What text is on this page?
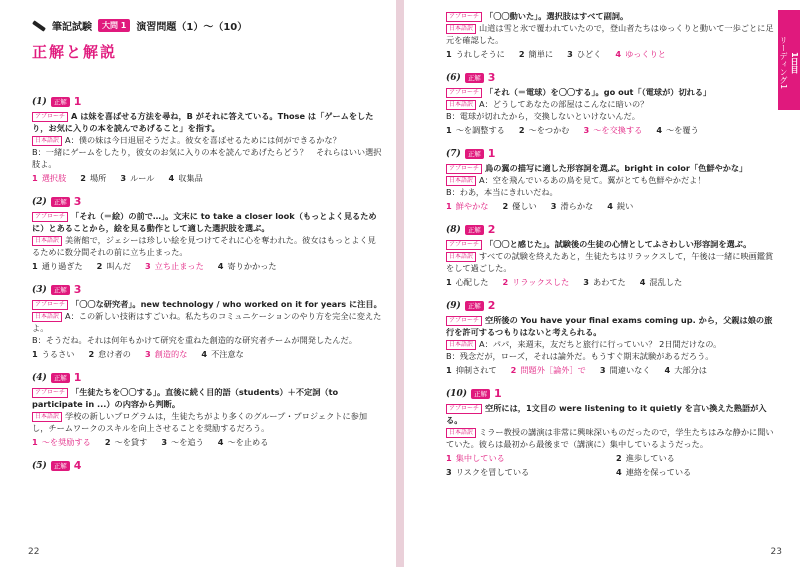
筆記試験	大問 1	演習問題（1）～（10）
正解と解説
(1)	正解 1

アプローチ A は妹を喜ばせる方法を尋ね，B がそれに答えている。Those は「ゲームをしたり，お気に入りの本を読んであげること」を指す。

日本語訳 A：僕の妹は今日退屈そうだよ。彼女を喜ばせるためには何ができるかな？

B：一緒にゲームをしたり，彼女のお気に入りの本を読んであげたらどう？　それらはいい選択肢よ。

1 選択肢 2 場所 3 ルール 4 収集品
(2)	正解 3

アプローチ 「それ（＝絵）の前で…」。文末に to take a closer look（もっとよく見るために）とあることから，絵を見る動作として適した選択肢を選ぶ。

日本語訳 美術館で，ジェシーは珍しい絵を見つけてそれに心を奪われた。彼女はもっとよく見るために数分間それの前に立ち止まった。

1 通り過ぎた 2 叫んだ 3 立ち止まった 4 寄りかかった
(3)	正解 3

アプローチ 「〇〇な研究者」。new technology / who worked on it for years に注目。

日本語訳 A：この新しい技術はすごいね。私たちのコミュニケーションのやり方を完全に変えたよ。

B：そうだね。それは何年もかけて研究を重ねた創造的な研究者チームが開発したんだ。

1 うるさい 2 怠け者の 3 創造的な 4 不注意な
(4)	正解 1

アプローチ 「生徒たちを〇〇する」。直後に続く目的語（students）＋不定詞（to participate in ...）の内容から判断。

日本語訳 学校の新しいプログラムは，生徒たちがより多くのグループ・プロジェクトに参加し，チームワークのスキルを向上させることを奨励するだろう。

1 ～を奨励する 2 ～を貸す 3 ～を追う 4 ～を止める
(5)	正解 4
22

アプローチ 「〇〇動いた」。選択肢はすべて副詞。

日本語訳 山道は雪と氷で覆われていたので，登山者たちはゆっくりと動いて一歩ごとに足元を確認した。

1 うれしそうに 2 簡単に 3 ひどく 4 ゆっくりと
(6)	正解 3

アプローチ 「それ（＝電球）を〇〇する」。go out「（電球が）切れる」

日本語訳 A：どうしてあなたの部屋はこんなに暗いの？

B：電球が切れたから，交換しないといけないんだ。

1 ～を調整する 2 ～をつかむ 3 ～を交換する 4 ～を覆う
(7)	正解 1

アプローチ 鳥の翼の描写に適した形容詞を選ぶ。bright in color「色鮮やかな」

日本語訳 A：空を飛んでいるあの鳥を見て。翼がとても色鮮やかだよ！

B：わあ，本当にきれいだね。

1 鮮やかな 2 優しい 3 滑らかな 4 鋭い
(8)	正解 2

アプローチ 「〇〇と感じた」。試験後の生徒の心情としてふさわしい形容詞を選ぶ。

日本語訳 すべての試験を終えたあと，生徒たちはリラックスして，午後は一緒に映画鑑賞をして過ごした。

1 心配した 2 リラックスした 3 あわてた 4 混乱した
(9)	正解 2

アプローチ 空所後の You have your final exams coming up. から，父親は娘の旅行を許可するつもりはないと考えられる。

日本語訳 A：パパ，来週末，友だちと旅行に行っていい？ 2日間だけなの。

B：残念だが，ローズ，それは論外だ。もうすぐ期末試験があるだろう。

1 抑制されて 2 問題外［論外］で 3 間違いなく 4 大部分は
(10)	正解 1

アプローチ 空所には，1文目の were listening to it quietly を言い換えた熟語が入る。

日本語訳 ミラー教授の講演は非常に興味深いものだったので，学生たちはみな静かに聞いていた。彼らは最初から最後まで（講演に）集中しているようだった。

1 集中している	2 進歩している
3 リスクを冒している	4 連絡を保っている
1日目
リーディング1
23
